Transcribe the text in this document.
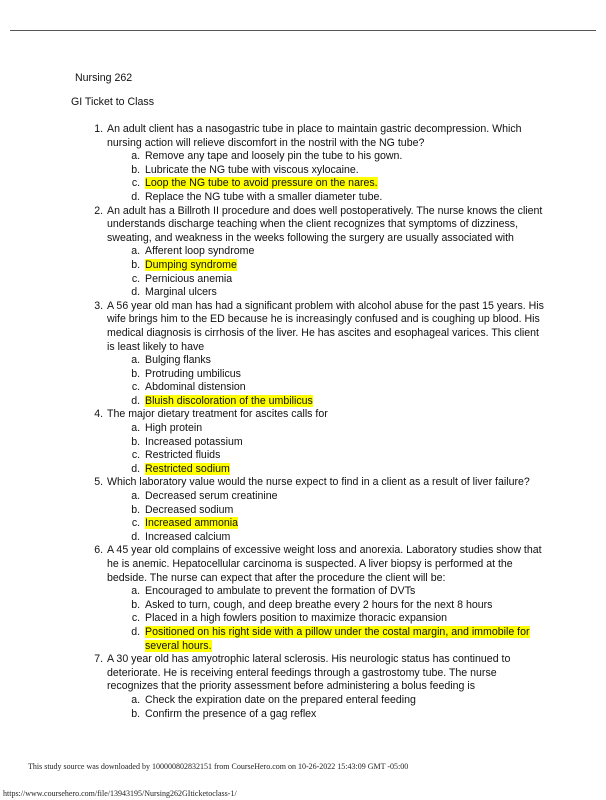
Nursing 262
GI Ticket to Class
1. An adult client has a nasogastric tube in place to maintain gastric decompression. Which nursing action will relieve discomfort in the nostril with the NG tube?
a. Remove any tape and loosely pin the tube to his gown.
b. Lubricate the NG tube with viscous xylocaine.
c. Loop the NG tube to avoid pressure on the nares.
d. Replace the NG tube with a smaller diameter tube.
2. An adult has a Billroth II procedure and does well postoperatively. The nurse knows the client understands discharge teaching when the client recognizes that symptoms of dizziness, sweating, and weakness in the weeks following the surgery are usually associated with
a. Afferent loop syndrome
b. Dumping syndrome
c. Pernicious anemia
d. Marginal ulcers
3. A 56 year old man has had a significant problem with alcohol abuse for the past 15 years. His wife brings him to the ED because he is increasingly confused and is coughing up blood. His medical diagnosis is cirrhosis of the liver. He has ascites and esophageal varices. This client is least likely to have
a. Bulging flanks
b. Protruding umbilicus
c. Abdominal distension
d. Bluish discoloration of the umbilicus
4. The major dietary treatment for ascites calls for
a. High protein
b. Increased potassium
c. Restricted fluids
d. Restricted sodium
5. Which laboratory value would the nurse expect to find in a client as a result of liver failure?
a. Decreased serum creatinine
b. Decreased sodium
c. Increased ammonia
d. Increased calcium
6. A 45 year old complains of excessive weight loss and anorexia. Laboratory studies show that he is anemic. Hepatocellular carcinoma is suspected. A liver biopsy is performed at the bedside. The nurse can expect that after the procedure the client will be:
a. Encouraged to ambulate to prevent the formation of DVTs
b. Asked to turn, cough, and deep breathe every 2 hours for the next 8 hours
c. Placed in a high fowlers position to maximize thoracic expansion
d. Positioned on his right side with a pillow under the costal margin, and immobile for several hours.
7. A 30 year old has amyotrophic lateral sclerosis. His neurologic status has continued to deteriorate. He is receiving enteral feedings through a gastrostomy tube. The nurse recognizes that the priority assessment before administering a bolus feeding is
a. Check the expiration date on the prepared enteral feeding
b. Confirm the presence of a gag reflex
This study source was downloaded by 100000802832151 from CourseHero.com on 10-26-2022 15:43:09 GMT -05:00
https://www.coursehero.com/file/13943195/Nursing262GIticketoclass-1/
